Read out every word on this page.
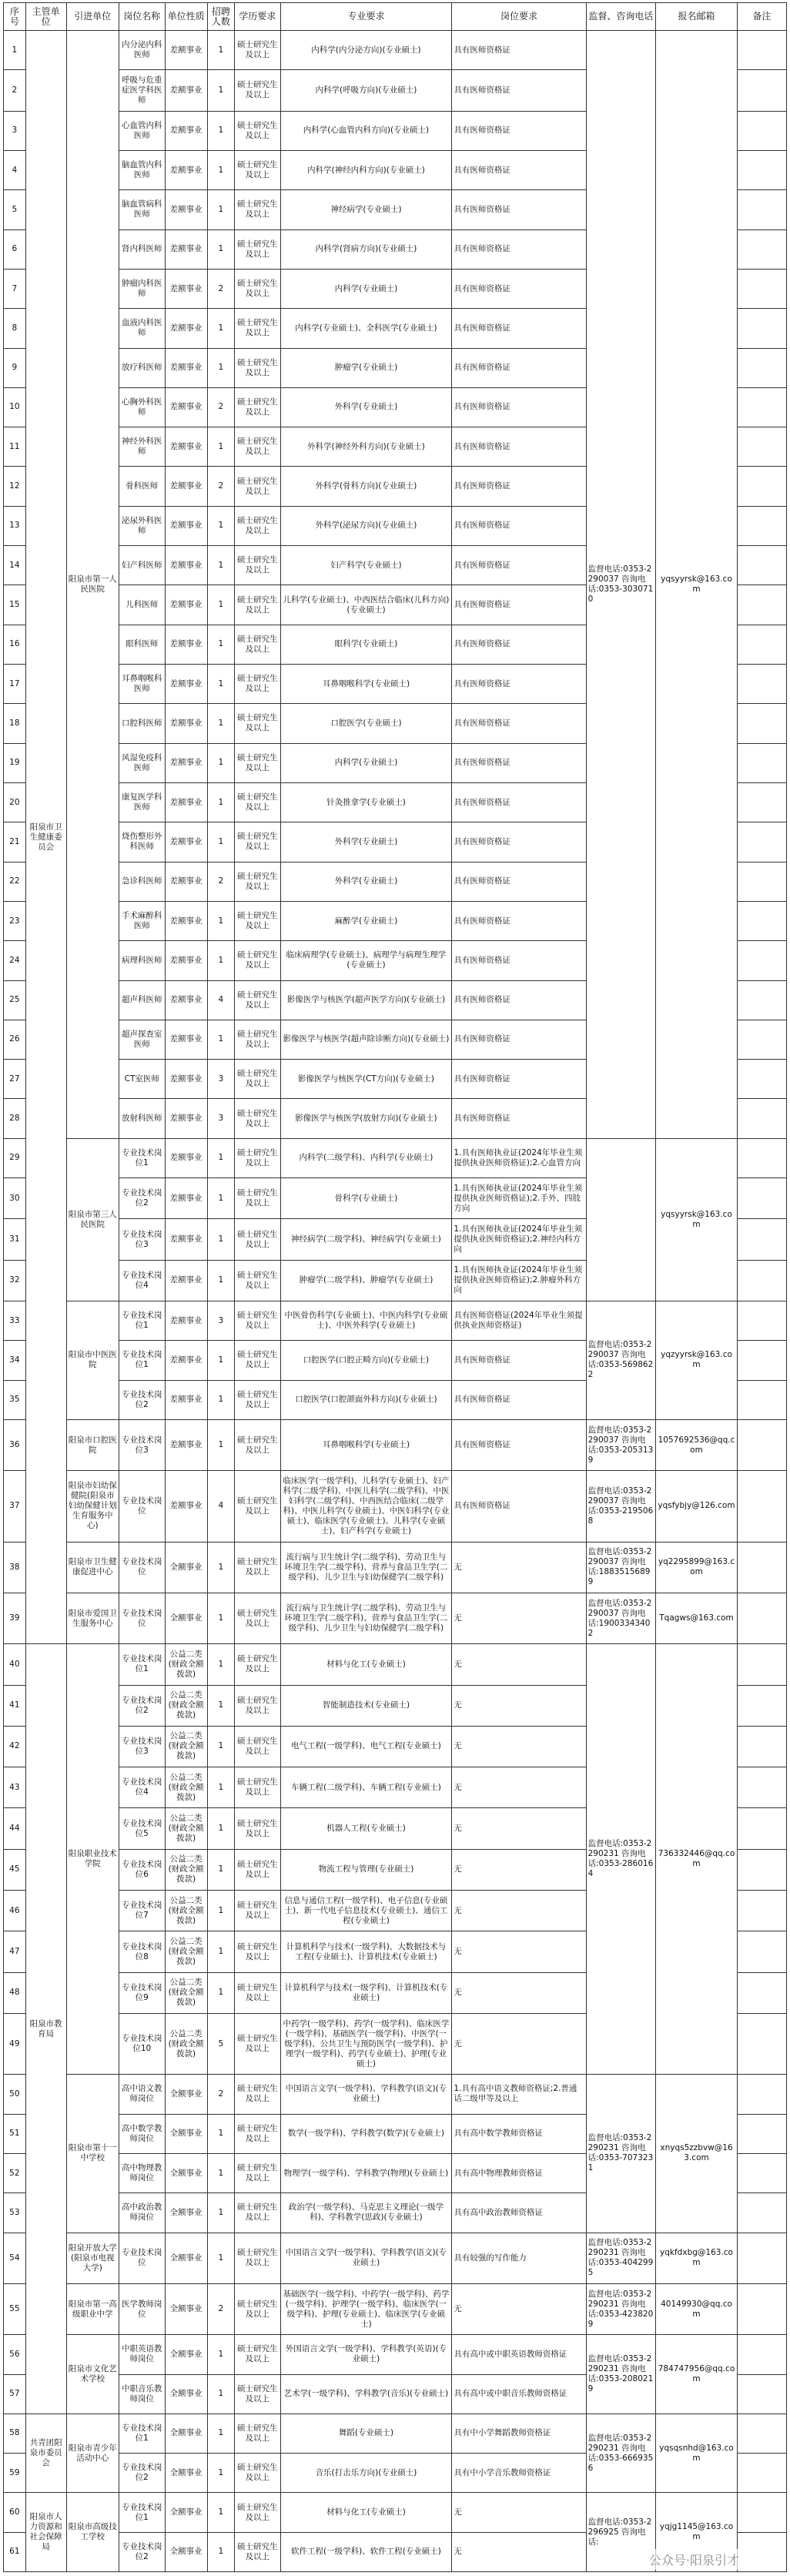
序号	主管单位	引进单位	岗位名称	单位性质	招聘人数	学历要求	专业要求	岗位要求	监督、咨询电话	报名邮箱	备注
1	阳泉市卫生健康委员会	阳泉市第一人民医院	内分泌内科医师	差额事业	1	硕士研究生及以上	内科学(内分泌方向)(专业硕士)	具有医师资格证	监督电话:0353-2290037 咨询电话:0353-3030710	yqsyyrsk@163.com	
2			呼吸与危重症医学科医师	差额事业	1	硕士研究生及以上	内科学(呼吸方向)(专业硕士)	具有医师资格证			
3			心血管内科医师	差额事业	1	硕士研究生及以上	内科学(心血管内科方向)(专业硕士)	具有医师资格证			
4			脑血管内科医师	差额事业	1	硕士研究生及以上	内科学(神经内科方向)(专业硕士)	具有医师资格证			
5			脑血管病科医师	差额事业	1	硕士研究生及以上	神经病学(专业硕士)	具有医师资格证			
6			肾内科医师	差额事业	1	硕士研究生及以上	内科学(肾病方向)(专业硕士)	具有医师资格证			
7			肿瘤内科医师	差额事业	2	硕士研究生及以上	内科学(专业硕士)	具有医师资格证			
8			血液内科医师	差额事业	1	硕士研究生及以上	内科学(专业硕士)、全科医学(专业硕士)	具有医师资格证			
9			放疗科医师	差额事业	1	硕士研究生及以上	肿瘤学(专业硕士)	具有医师资格证			
10			心胸外科医师	差额事业	2	硕士研究生及以上	外科学(专业硕士)	具有医师资格证			
11			神经外科医师	差额事业	1	硕士研究生及以上	外科学(神经外科方向)(专业硕士)	具有医师资格证			
12			骨科医师	差额事业	2	硕士研究生及以上	外科学(骨科方向)(专业硕士)	具有医师资格证			
13			泌尿外科医师	差额事业	1	硕士研究生及以上	外科学(泌尿方向)(专业硕士)	具有医师资格证			
14			妇产科医师	差额事业	1	硕士研究生及以上	妇产科学(专业硕士)	具有医师资格证			
15			儿科医师	差额事业	1	硕士研究生及以上	儿科学(专业硕士)、中西医结合临床(儿科方向)(专业硕士)	具有医师资格证			
16			眼科医师	差额事业	1	硕士研究生及以上	眼科学(专业硕士)	具有医师资格证			
17			耳鼻咽喉科医师	差额事业	1	硕士研究生及以上	耳鼻咽喉科学(专业硕士)	具有医师资格证			
18			口腔科医师	差额事业	1	硕士研究生及以上	口腔医学(专业硕士)	具有医师资格证			
19			风湿免疫科医师	差额事业	1	硕士研究生及以上	内科学(专业硕士)	具有医师资格证			
20			康复医学科医师	差额事业	1	硕士研究生及以上	针灸推拿学(专业硕士)	具有医师资格证			
21			烧伤整形外科医师	差额事业	1	硕士研究生及以上	外科学(专业硕士)	具有医师资格证			
22			急诊科医师	差额事业	2	硕士研究生及以上	外科学(专业硕士)	具有医师资格证			
23			手术麻醉科医师	差额事业	1	硕士研究生及以上	麻醉学(专业硕士)	具有医师资格证			
24			病理科医师	差额事业	1	硕士研究生及以上	临床病理学(专业硕士)、病理学与病理生理学(专业硕士)	具有医师资格证			
25			超声科医师	差额事业	4	硕士研究生及以上	影像医学与核医学(超声医学方向)(专业硕士)	具有医师资格证			
26			超声探查室医师	差额事业	1	硕士研究生及以上	影像医学与核医学(超声除诊断方向)(专业硕士)	具有医师资格证			
27			CT室医师	差额事业	3	硕士研究生及以上	影像医学与核医学(CT方向)(专业硕士)	具有医师资格证			
28			放射科医师	差额事业	3	硕士研究生及以上	影像医学与核医学(放射方向)(专业硕士)	具有医师资格证			
29		阳泉市第三人民医院	专业技术岗位1	差额事业	1	硕士研究生及以上	内科学(二级学科)、内科学(专业硕士)	1.具有医师执业证(2024年毕业生须提供执业医师资格证);2.心血管方向		yqsyyrsk@163.com	
30			专业技术岗位2	差额事业	1	硕士研究生及以上	骨科学(专业硕士)	1.具有医师执业证(2024年毕业生须提供执业医师资格证);2.手外、四肢方向			
31			专业技术岗位3	差额事业	1	硕士研究生及以上	神经病学(二级学科)、神经病学(专业硕士)	1.具有医师执业证(2024年毕业生须提供执业医师资格证);2.神经内科方向			
32			专业技术岗位4	差额事业	1	硕士研究生及以上	肿瘤学(二级学科)、肿瘤学(专业硕士)	1.具有医师执业证(2024年毕业生须提供执业医师资格证);2.肿瘤外科方向			
33		阳泉市中医医院	专业技术岗位1	差额事业	3	硕士研究生及以上	中医骨伤科学(专业硕士)、中医内科学(专业硕士)、中医外科学(专业硕士)	具有医师资格证(2024年毕业生须提供执业医师资格证)	监督电话:0353-2290037 咨询电话:0353-5698622	yqzyyrsk@163.com	
34			专业技术岗位1	差额事业	1	硕士研究生及以上	口腔医学(口腔正畸方向)(专业硕士)	具有医师资格证			
35			专业技术岗位2	差额事业	1	硕士研究生及以上	口腔医学(口腔颌面外科方向)(专业硕士)	具有医师资格证			
36		阳泉市口腔医院	专业技术岗位3	差额事业	1	硕士研究生及以上	耳鼻咽喉科学(专业硕士)	具有医师资格证	监督电话:0353-2290037 咨询电话:0353-2053139	1057692536@qq.com	
37		阳泉市妇幼保健院(阳泉市妇幼保健计划生育服务中心)	专业技术岗位	差额事业	4	硕士研究生及以上	临床医学(一级学科)、儿科学(专业硕士)、妇产科学(二级学科)、中医儿科学(二级学科)、中医妇科学(二级学科)、中西医结合临床(二级学科)、中医儿科学(专业硕士)、中医妇科学(专业硕士)、临床医学(专业硕士)、儿科学(专业硕士)、妇产科学(专业硕士)	具有医师资格证	监督电话:0353-2290037 咨询电话:0353-2195068	yqsfybjy@126.com	
38		阳泉市卫生健康促进中心	专业技术岗位	全额事业	1	硕士研究生及以上	流行病与卫生统计学(二级学科)、劳动卫生与环境卫生学(二级学科)、营养与食品卫生学(二级学科)、儿少卫生与妇幼保健学(二级学科)	无	监督电话:0353-2290037 咨询电话:18835156899	yq2295899@163.com	
39		阳泉市爱国卫生服务中心	专业技术岗位	全额事业	1	硕士研究生及以上	流行病与卫生统计学(二级学科)、劳动卫生与环境卫生学(二级学科)、营养与食品卫生学(二级学科)、儿少卫生与妇幼保健学(二级学科)	无	监督电话:0353-2290037 咨询电话:19003343402	Tqagws@163.com	
40	阳泉市教育局	阳泉职业技术学院	专业技术岗位1	公益二类(财政全额拨款)	1	硕士研究生及以上	材料与化工(专业硕士)	无	监督电话:0353-2290231 咨询电话:0353-2860164	736332446@qq.com	
41			专业技术岗位2	公益二类(财政全额拨款)	1	硕士研究生及以上	智能制造技术(专业硕士)	无			
42			专业技术岗位3	公益二类(财政全额拨款)	1	硕士研究生及以上	电气工程(一级学科)、电气工程(专业硕士)	无			
43			专业技术岗位4	公益二类(财政全额拨款)	1	硕士研究生及以上	车辆工程(二级学科)、车辆工程(专业硕士)	无			
44			专业技术岗位5	公益二类(财政全额拨款)	1	硕士研究生及以上	机器人工程(专业硕士)	无			
45			专业技术岗位6	公益二类(财政全额拨款)	1	硕士研究生及以上	物流工程与管理(专业硕士)	无			
46			专业技术岗位7	公益二类(财政全额拨款)	1	硕士研究生及以上	信息与通信工程(一级学科)、电子信息(专业硕士)、新一代电子信息技术(专业硕士)、通信工程(专业硕士)	无			
47			专业技术岗位8	公益二类(财政全额拨款)	1	硕士研究生及以上	计算机科学与技术(一级学科)、大数据技术与工程(专业硕士)、计算机技术(专业硕士)	无			
48			专业技术岗位9	公益二类(财政全额拨款)	1	硕士研究生及以上	计算机科学与技术(一级学科)、计算机技术(专业硕士)	无			
49			专业技术岗位10	公益二类(财政全额拨款)	5	硕士研究生及以上	中药学(一级学科)、药学(一级学科)、临床医学(一级学科)、基础医学(一级学科)、中医学(一级学科)、公共卫生与预防医学(一级学科)、护理学(一级学科)、药学(专业硕士)、护理(专业硕士)	无			
50		阳泉市第十一中学校	高中语文教师岗位	全额事业	2	硕士研究生及以上	中国语言文学(一级学科)、学科教学(语文)(专业硕士)	1.具有高中语文教师资格证;2.普通话二级甲等及以上	监督电话:0353-2290231 咨询电话:0353-7073231	xnyqs5zzbvw@163.com	
51			高中数学教师岗位	全额事业	1	硕士研究生及以上	数学(一级学科)、学科教学(数学)(专业硕士)	具有高中数学教师资格证			
52			高中物理教师岗位	全额事业	1	硕士研究生及以上	物理学(一级学科)、学科教学(物理)(专业硕士)	具有高中物理教师资格证			
53			高中政治教师岗位	全额事业	1	硕士研究生及以上	政治学(一级学科)、马克思主义理论(一级学科)、学科教学(思政)(专业硕士)	具有高中政治教师资格证			
54		阳泉开放大学(阳泉市电视大学)	专业技术岗位	全额事业	1	硕士研究生及以上	中国语言文学(一级学科)、学科教学(语文)(专业硕士)	具有较强的写作能力	监督电话:0353-2290231 咨询电话:0353-4042995	yqkfdxbg@163.com	
55		阳泉市第一高级职业中学	医学教师岗位	全额事业	2	硕士研究生及以上	基础医学(一级学科)、中药学(一级学科)、药学(一级学科)、护理学(一级学科)、临床医学(一级学科)、护理(专业硕士)、临床医学(专业硕士)	无	监督电话:0353-2290231 咨询电话:0353-4238209	40149930@qq.com	
56		阳泉市文化艺术学校	中职英语教师岗位	全额事业	1	硕士研究生及以上	外国语言文学(一级学科)、学科教学(英语)(专业硕士)	具有高中或中职英语教师资格证	监督电话:0353-2290231 咨询电话:0353-2080219	784747956@qq.com	
57			中职音乐教师岗位	全额事业	1	硕士研究生及以上	艺术学(一级学科)、学科教学(音乐)(专业硕士)	具有高中或中职音乐教师资格证			
58	共青团阳泉市委员会	阳泉市青少年活动中心	专业技术岗位1	全额事业	1	硕士研究生及以上	舞蹈(专业硕士)	具有中小学舞蹈教师资格证	监督电话:0353-2290231 咨询电话:0353-6669356	yqsqsnhd@163.com	
59			专业技术岗位2	全额事业	1	硕士研究生及以上	音乐(打击乐方向)(专业硕士)	具有中小学音乐教师资格证			
60	阳泉市人力资源和社会保障局	阳泉市高级技工学校	专业技术岗位1	全额事业	1	硕士研究生及以上	材料与化工(专业硕士)	无	监督电话:0353-2296925 咨询电话:	yqjg1145@163.com	
61			专业技术岗位2	全额事业	1	硕士研究生及以上	软件工程(一级学科)、软件工程(专业硕士)	无			
公众号·阳泉引才
